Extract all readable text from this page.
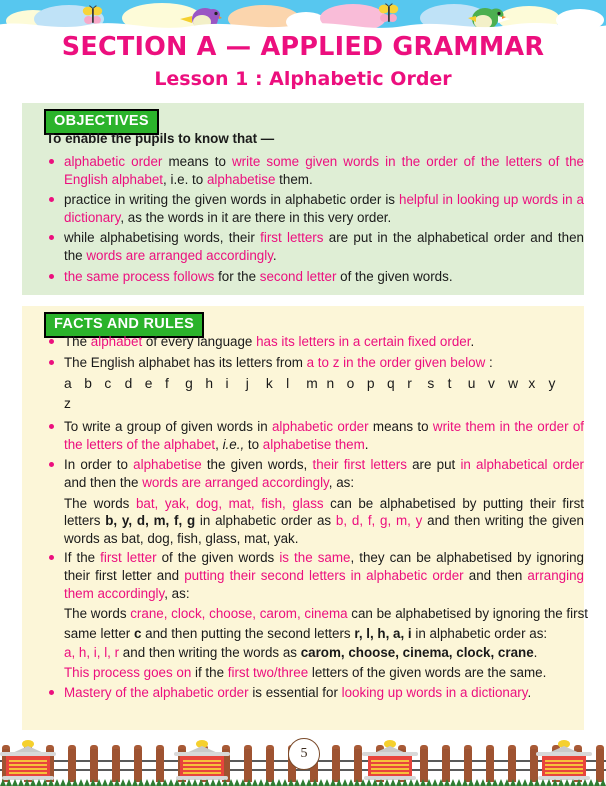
SECTION A — APPLIED GRAMMAR
Lesson 1 : Alphabetic Order
OBJECTIVES
To enable the pupils to know that —
alphabetic order means to write some given words in the order of the letters of the English alphabet, i.e. to alphabetise them.
practice in writing the given words in alphabetic order is helpful in looking up words in a dictionary, as the words in it are there in this very order.
while alphabetising words, their first letters are put in the alphabetical order and then the words are arranged accordingly.
the same process follows for the second letter of the given words.
FACTS AND RULES
The alphabet of every language has its letters in a certain fixed order.
The English alphabet has its letters from a to z in the order given below :
a b c d e f g h i j k l m n o p q r s t u v w x yz
To write a group of given words in alphabetic order means to write them in the order of the letters of the alphabet, i.e., to alphabetise them.
In order to alphabetise the given words, their first letters are put in alphabetical order and then the words are arranged accordingly, as:
The words bat, yak, dog, mat, fish, glass can be alphabetised by putting their first letters b, y, d, m, f, g in alphabetic order as b, d, f, g, m, y and then writing the given words as bat, dog, fish, glass, mat, yak.
If the first letter of the given words is the same, they can be alphabetised by ignoring their first letter and putting their second letters in alphabetic order and then arranging them accordingly, as:
The words crane, clock, choose, carom, cinema can be alphabetised by ignoring the first
same letter c and then putting the second letters r, l, h, a, i in alphabetic order as:
a, h, i, l, r and then writing the words as carom, choose, cinema, clock, crane.
This process goes on if the first two/three letters of the given words are the same.
Mastery of the alphabetic order is essential for looking up words in a dictionary.
5
